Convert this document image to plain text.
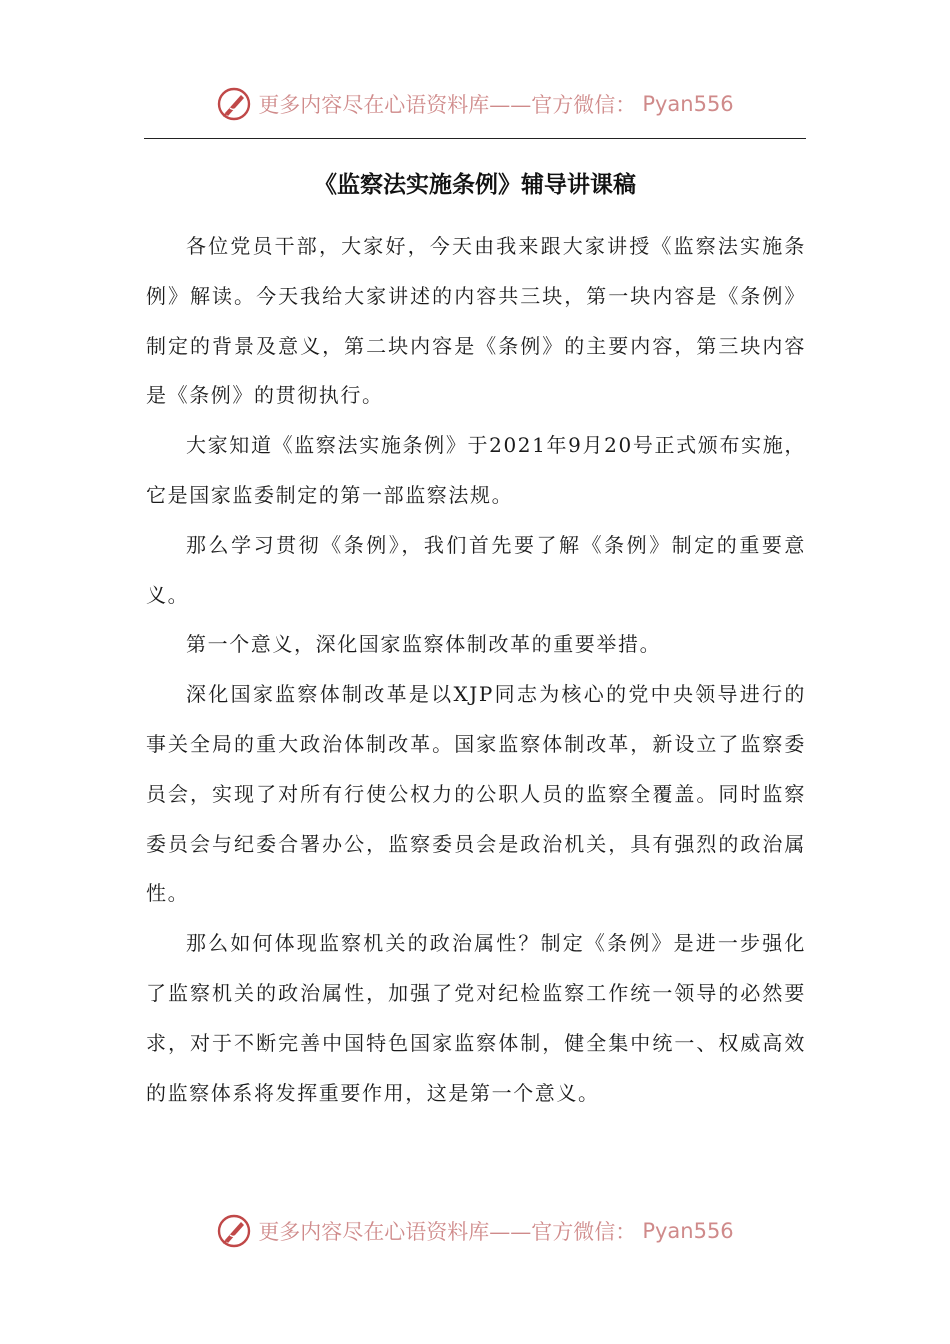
更多内容尽在心语资料库——官方微信： Pyan556
《监察法实施条例》辅导讲课稿

各位党员干部，大家好，今天由我来跟大家讲授《监察法实施条例》解读。今天我给大家讲述的内容共三块，第一块内容是《条例》制定的背景及意义，第二块内容是《条例》的主要内容，第三块内容是《条例》的贯彻执行。

大家知道《监察法实施条例》于2021年9月20号正式颁布实施，它是国家监委制定的第一部监察法规。

那么学习贯彻《条例》，我们首先要了解《条例》制定的重要意义。

第一个意义，深化国家监察体制改革的重要举措。

深化国家监察体制改革是以XJP同志为核心的党中央领导进行的事关全局的重大政治体制改革。国家监察体制改革，新设立了监察委员会，实现了对所有行使公权力的公职人员的监察全覆盖。同时监察委员会与纪委合署办公，监察委员会是政治机关，具有强烈的政治属性。

那么如何体现监察机关的政治属性？制定《条例》是进一步强化了监察机关的政治属性，加强了党对纪检监察工作统一领导的必然要求，对于不断完善中国特色国家监察体制，健全集中统一、权威高效的监察体系将发挥重要作用，这是第一个意义。

更多内容尽在心语资料库——官方微信： Pyan556
